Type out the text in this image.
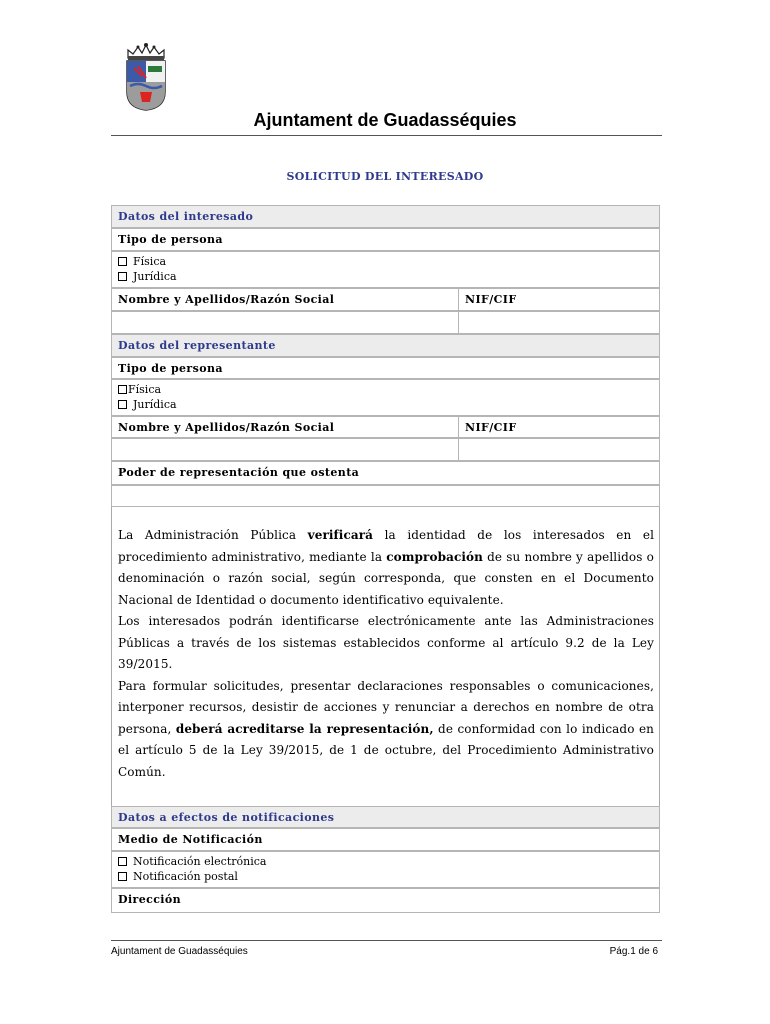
Ajuntament de Guadasséquies
SOLICITUD DEL INTERESADO
Datos del interesado
Tipo de persona
Física
Jurídica
Nombre y Apellidos/Razón Social	NIF/CIF
Datos del representante
Tipo de persona
Física
Jurídica
Nombre y Apellidos/Razón Social	NIF/CIF
Poder de representación que ostenta

La Administración Pública verificará la identidad de los interesados en el procedimiento administrativo, mediante la comprobación de su nombre y apellidos o denominación o razón social, según corresponda, que consten en el Documento Nacional de Identidad o documento identificativo equivalente.

Los interesados podrán identificarse electrónicamente ante las Administraciones Públicas a través de los sistemas establecidos conforme al artículo 9.2 de la Ley 39/2015.

Para formular solicitudes, presentar declaraciones responsables o comunicaciones, interponer recursos, desistir de acciones y renunciar a derechos en nombre de otra persona, deberá acreditarse la representación, de conformidad con lo indicado en el artículo 5 de la Ley 39/2015, de 1 de octubre, del Procedimiento Administrativo Común.

Datos a efectos de notificaciones
Medio de Notificación
Notificación electrónica
Notificación postal
Dirección
Ajuntament de Guadasséquies	Pág.1 de 6
